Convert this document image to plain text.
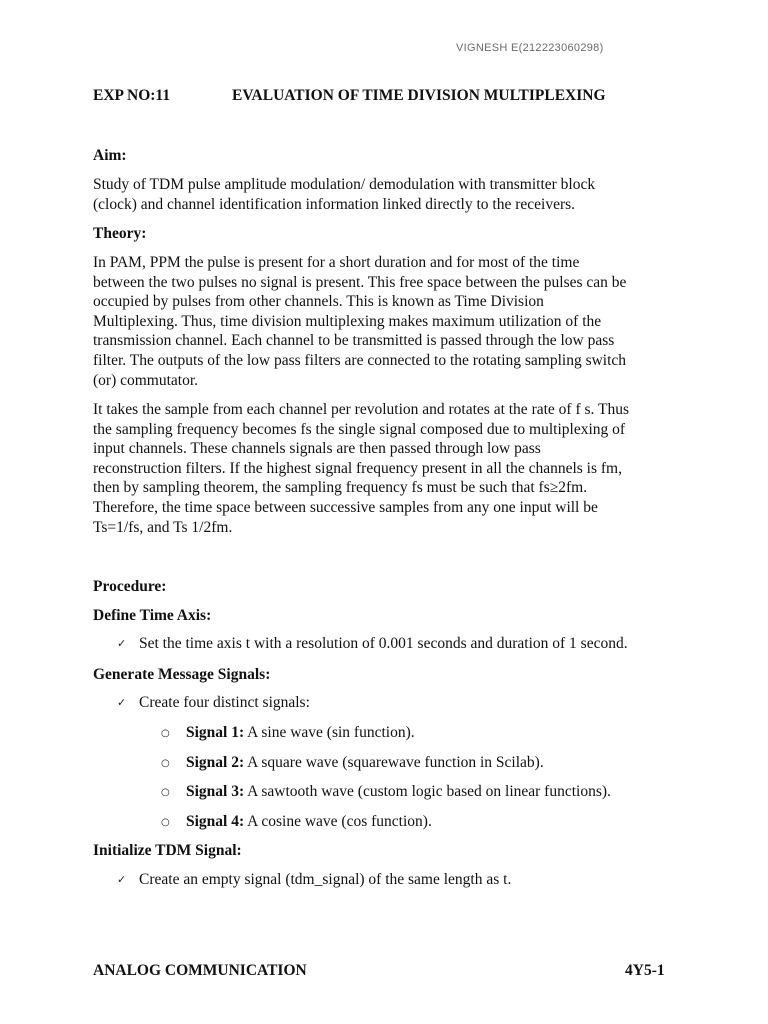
VIGNESH E(212223060298)
EXP NO:11	EVALUATION OF TIME DIVISION MULTIPLEXING
Aim:
Study of TDM pulse amplitude modulation/ demodulation with transmitter block
(clock) and channel identification information linked directly to the receivers.
Theory:
In PAM, PPM the pulse is present for a short duration and for most of the time
between the two pulses no signal is present. This free space between the pulses can be
occupied by pulses from other channels. This is known as Time Division
Multiplexing. Thus, time division multiplexing makes maximum utilization of the
transmission channel. Each channel to be transmitted is passed through the low pass
filter. The outputs of the low pass filters are connected to the rotating sampling switch
(or) commutator.
It takes the sample from each channel per revolution and rotates at the rate of f s. Thus
the sampling frequency becomes fs the single signal composed due to multiplexing of
input channels. These channels signals are then passed through low pass
reconstruction filters. If the highest signal frequency present in all the channels is fm,
then by sampling theorem, the sampling frequency fs must be such that fs≥2fm.
Therefore, the time space between successive samples from any one input will be
Ts=1/fs, and Ts 1/2fm.
Procedure:
Define Time Axis:
✓ Set the time axis t with a resolution of 0.001 seconds and duration of 1 second.
Generate Message Signals:
✓ Create four distinct signals:
○ Signal 1: A sine wave (sin function).
○ Signal 2: A square wave (squarewave function in Scilab).
○ Signal 3: A sawtooth wave (custom logic based on linear functions).
○ Signal 4: A cosine wave (cos function).
Initialize TDM Signal:
✓ Create an empty signal (tdm_signal) of the same length as t.
ANALOG COMMUNICATION	4Y5-1
